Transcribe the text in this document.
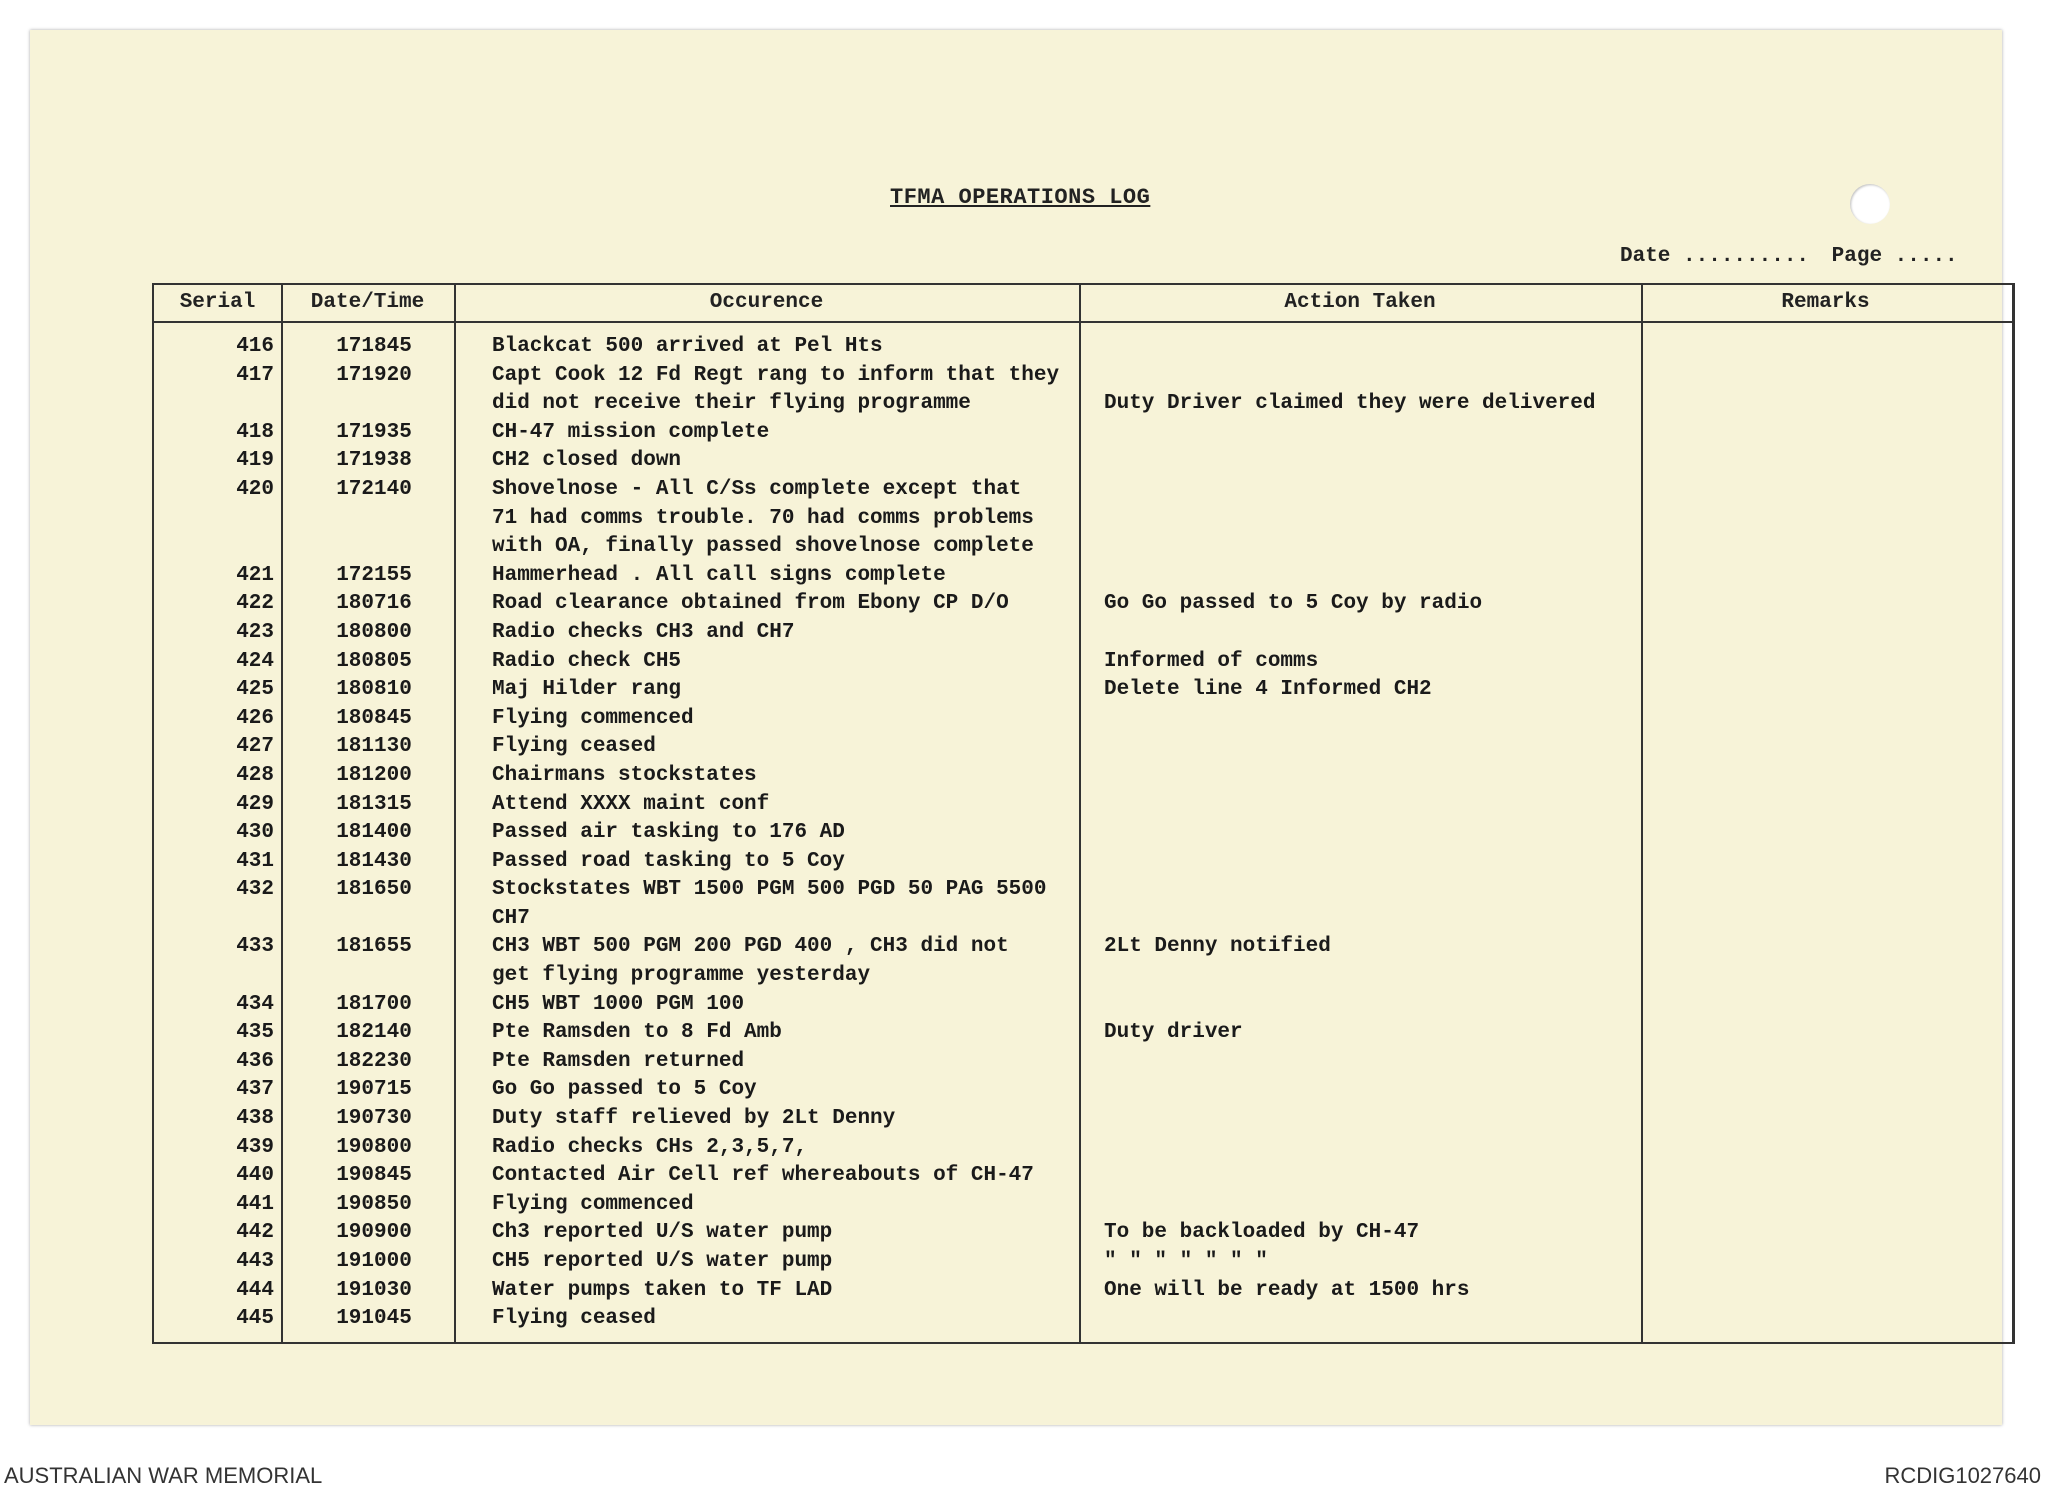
TFMA OPERATIONS LOG
Date .......... Page .....
Serial	Date/Time	Occurence	Action Taken	Remarks
416	171845	Blackcat 500 arrived at Pel Hts
417	171920	Capt Cook 12 Fd Regt rang to inform that they
did not receive their flying programme	Duty Driver claimed they were delivered
418	171935	CH-47 mission complete
419	171938	CH2 closed down
420	172140	Shovelnose - All C/Ss complete except that
71 had comms trouble. 70 had comms problems
with OA, finally passed shovelnose complete
421	172155	Hammerhead . All call signs complete
422	180716	Road clearance obtained from Ebony CP D/O	Go Go passed to 5 Coy by radio
423	180800	Radio checks CH3 and CH7
424	180805	Radio check CH5	Informed of comms
425	180810	Maj Hilder rang	Delete line 4 Informed CH2
426	180845	Flying commenced
427	181130	Flying ceased
428	181200	Chairmans stockstates
429	181315	Attend XXXX maint conf
430	181400	Passed air tasking to 176 AD
431	181430	Passed road tasking to 5 Coy
432	181650	Stockstates WBT 1500 PGM 500 PGD 50 PAG 5500
CH7
433	181655	CH3 WBT 500 PGM 200 PGD 400 , CH3 did not	2Lt Denny notified
get flying programme yesterday
434	181700	CH5 WBT 1000 PGM 100
435	182140	Pte Ramsden to 8 Fd Amb	Duty driver
436	182230	Pte Ramsden returned
437	190715	Go Go passed to 5 Coy
438	190730	Duty staff relieved by 2Lt Denny
439	190800	Radio checks CHs 2,3,5,7,
440	190845	Contacted Air Cell ref whereabouts of CH-47
441	190850	Flying commenced
442	190900	Ch3 reported U/S water pump	To be backloaded by CH-47
443	191000	CH5 reported U/S water pump	" " " " " " "
444	191030	Water pumps taken to TF LAD	One will be ready at 1500 hrs
445	191045	Flying ceased
AUSTRALIAN WAR MEMORIAL	RCDIG1027640
